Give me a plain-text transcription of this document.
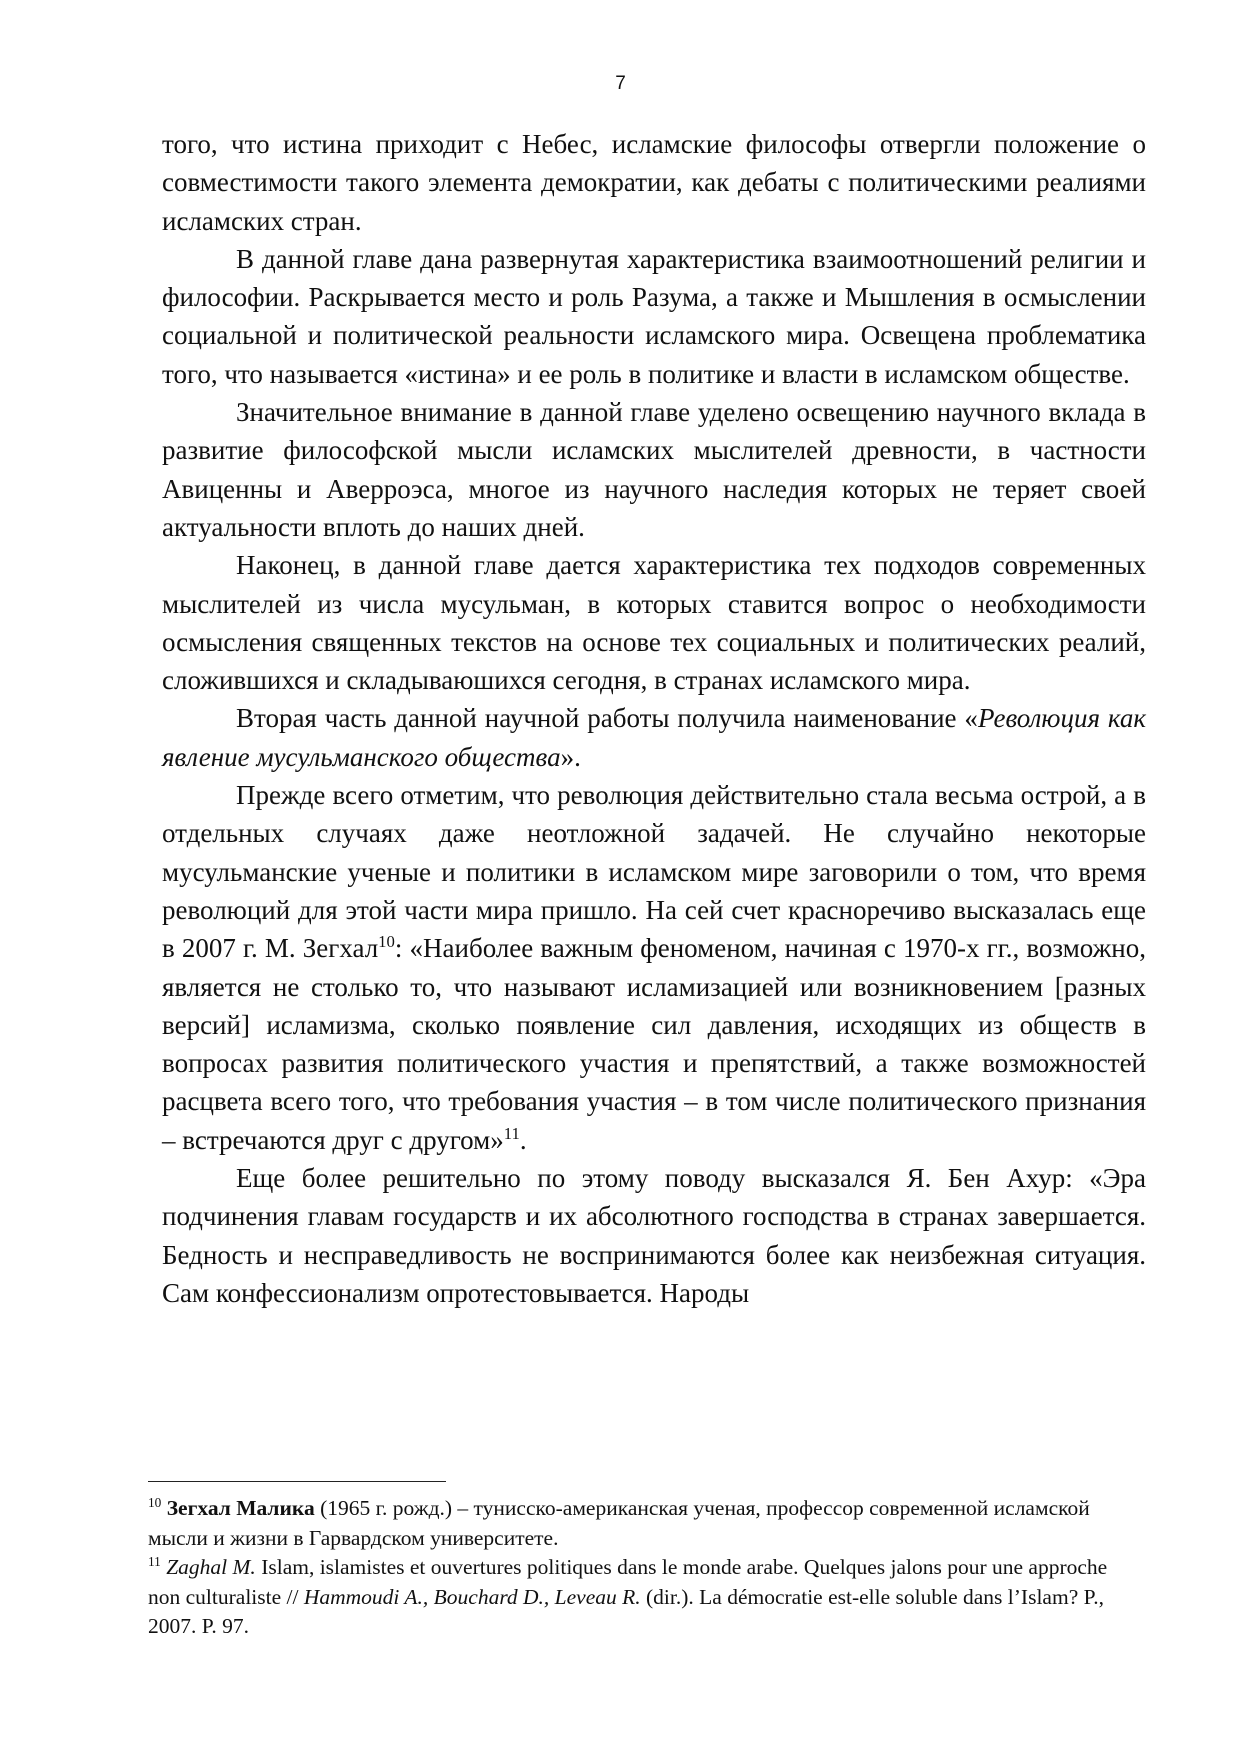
7

того, что истина приходит с Небес, исламские философы отвергли положение о совместимости такого элемента демократии, как дебаты с политическими реалиями исламских стран.

В данной главе дана развернутая характеристика взаимоотношений религии и философии. Раскрывается место и роль Разума, а также и Мышления в осмыслении социальной и политической реальности исламского мира. Освещена проблематика того, что называется «истина» и ее роль в политике и власти в исламском обществе.

Значительное внимание в данной главе уделено освещению научного вклада в развитие философской мысли исламских мыслителей древности, в частности Авиценны и Аверроэса, многое из научного наследия которых не теряет своей актуальности вплоть до наших дней.

Наконец, в данной главе дается характеристика тех подходов современных мыслителей из числа мусульман, в которых ставится вопрос о необходимости осмысления священных текстов на основе тех социальных и политических реалий, сложившихся и складываюшихся сегодня, в странах исламского мира.

Вторая часть данной научной работы получила наименование «Революция как явление мусульманского общества».

Прежде всего отметим, что революция действительно стала весьма острой, а в отдельных случаях даже неотложной задачей. Не случайно некоторые мусульманские ученые и политики в исламском мире заговорили о том, что время революций для этой части мира пришло. На сей счет красноречиво высказалась еще в 2007 г. М. Зегхал$^{10}$: «Наиболее важным феноменом, начиная с 1970-х гг., возможно, является не столько то, что называют исламизацией или возникновением [разных версий] исламизма, сколько появление сил давления, исходящих из обществ в вопросах развития политического участия и препятствий, а также возможностей расцвета всего того, что требования участия – в том числе политического признания – встречаются друг с другом»$^{11}$.

Еще более решительно по этому поводу высказался Я. Бен Ахур: «Эра подчинения главам государств и их абсолютного господства в странах завершается. Бедность и несправедливость не воспринимаются более как неизбежная ситуация. Сам конфессионализм опротестовывается. Народы

$^{10}$ Зегхал Малика (1965 г. рожд.) – тунисско-американская ученая, профессор современной исламской мысли и жизни в Гарвардском университете.

$^{11}$ Zaghal M. Islam, islamistes et ouvertures politiques dans le monde arabe. Quelques jalons pour une approche non culturaliste // Hammoudi A., Bouchard D., Leveau R. (dir.). La démocratie est-elle soluble dans l’Islam? P., 2007. P. 97.
